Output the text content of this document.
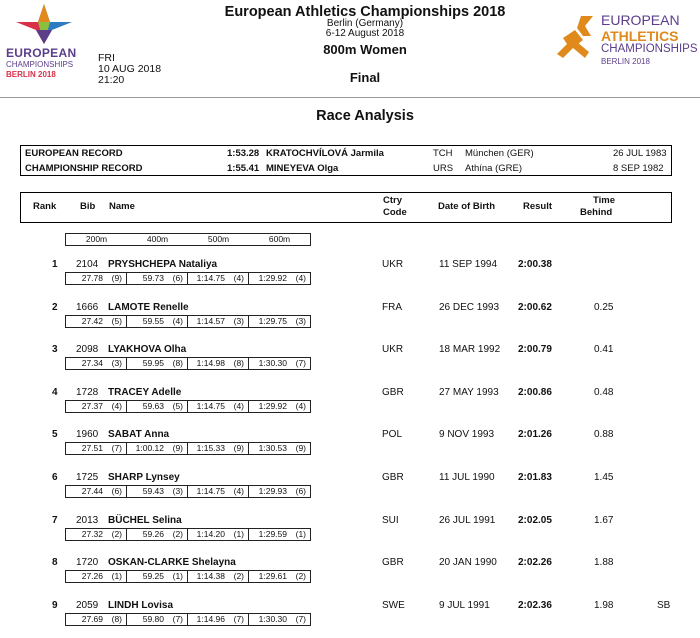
EUROPEAN
CHAMPIONSHIPS
BERLIN 2018
EUROPEAN
ATHLETICS
CHAMPIONSHIPS
BERLIN 2018
European Athletics Championships 2018
Berlin (Germany)
6-12 August 2018
800m Women
Final
FRI
10 AUG 2018
21:20
Race Analysis
EUROPEAN RECORD	1:53.28 KRATOCHVÍLOVÁ Jarmila	TCH München (GER)	26 JUL 1983
CHAMPIONSHIP RECORD	1:55.41 MINEYEVA Olga	URS Athína (GRE)	8 SEP 1982
Rank	Bib Name
Ctry
Code
Date of Birth	Result
Time
Behind
200m	400m	500m	600m
1 2104 PRYSHCHEPA Nataliya	UKR	11 SEP 1994 2:00.38
27.78 (9) 59.73 (6) 1:14.75 (4) 1:29.92 (4)
2 1666 LAMOTE Renelle	FRA	26 DEC 1993 2:00.62	0.25
27.42 (5) 59.55 (4) 1:14.57 (3) 1:29.75 (3)
3 2098 LYAKHOVA Olha	UKR	18 MAR 1992 2:00.79	0.41
27.34 (3) 59.95 (8) 1:14.98 (8) 1:30.30 (7)
4 1728 TRACEY Adelle	GBR	27 MAY 1993 2:00.86	0.48
27.37 (4) 59.63 (5) 1:14.75 (4) 1:29.92 (4)
5 1960 SABAT Anna	POL	9 NOV 1993 2:01.26	0.88
27.51 (7) 1:00.12 (9) 1:15.33 (9) 1:30.53 (9)
6 1725 SHARP Lynsey	GBR	11 JUL 1990 2:01.83	1.45
27.44 (6) 59.43 (3) 1:14.75 (4) 1:29.93 (6)
7 2013 BÜCHEL Selina	SUI	26 JUL 1991 2:02.05	1.67
27.32 (2) 59.26 (2) 1:14.20 (1) 1:29.59 (1)
8 1720 OSKAN-CLARKE Shelayna	GBR	20 JAN 1990 2:02.26	1.88
27.26 (1) 59.25 (1) 1:14.38 (2) 1:29.61 (2)
9 2059 LINDH Lovisa	SWE	9 JUL 1991	2:02.36	1.98	SB
27.69 (8) 59.80 (7) 1:14.96 (7) 1:30.30 (7)
